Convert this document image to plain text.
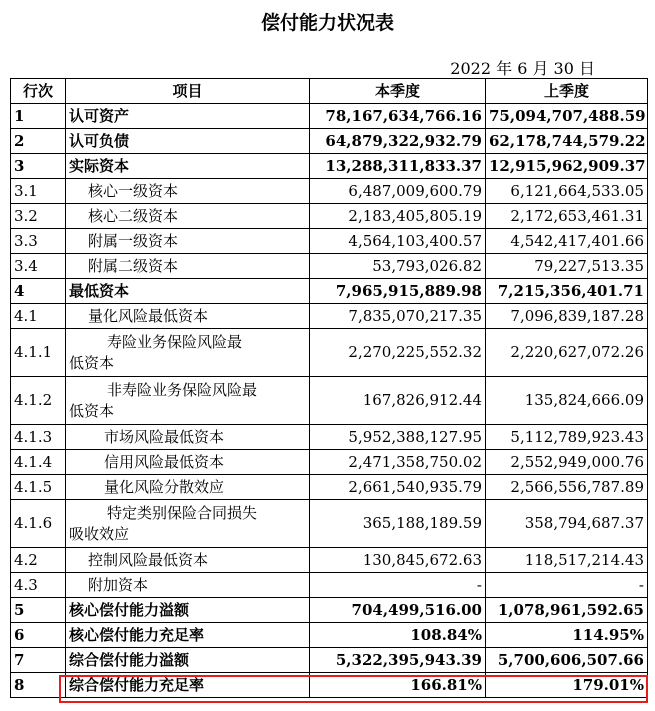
偿付能力状况表
2022 年 6 月 30 日
行次	项目	本季度	上季度
1	认可资产	78,167,634,766.16	75,094,707,488.59
2	认可负债	64,879,322,932.79	62,178,744,579.22
3	实际资本	13,288,311,833.37	12,915,962,909.37
3.1	核心一级资本	6,487,009,600.79	6,121,664,533.05
3.2	核心二级资本	2,183,405,805.19	2,172,653,461.31
3.3	附属一级资本	4,564,103,400.57	4,542,417,401.66
3.4	附属二级资本	53,793,026.82	79,227,513.35
4	最低资本	7,965,915,889.98	7,215,356,401.71
4.1	量化风险最低资本	7,835,070,217.35	7,096,839,187.28
4.1.1	寿险业务保险风险最
低资本	2,270,225,552.32	2,220,627,072.26
4.1.2	非寿险业务保险风险最
低资本	167,826,912.44	135,824,666.09
4.1.3	市场风险最低资本	5,952,388,127.95	5,112,789,923.43
4.1.4	信用风险最低资本	2,471,358,750.02	2,552,949,000.76
4.1.5	量化风险分散效应	2,661,540,935.79	2,566,556,787.89
4.1.6	特定类别保险合同损失
吸收效应	365,188,189.59	358,794,687.37
4.2	控制风险最低资本	130,845,672.63	118,517,214.43
4.3	附加资本	-	-
5	核心偿付能力溢额	704,499,516.00	1,078,961,592.65
6	核心偿付能力充足率	108.84%	114.95%
7	综合偿付能力溢额	5,322,395,943.39	5,700,606,507.66
8	综合偿付能力充足率	166.81%	179.01%
